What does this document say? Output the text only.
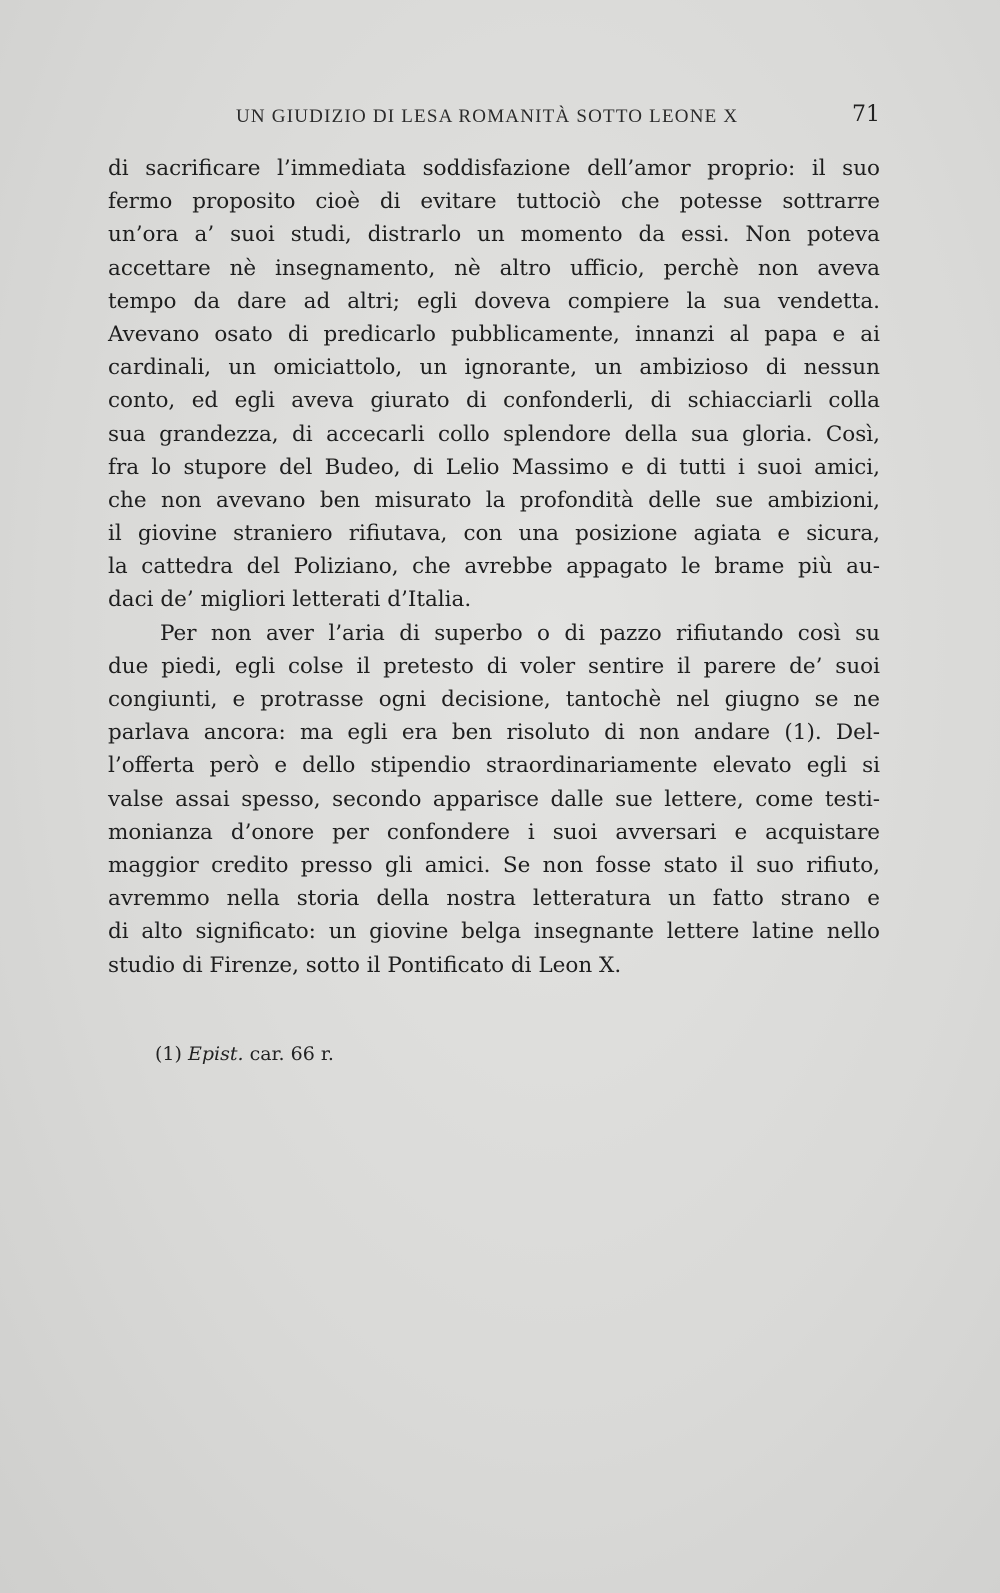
UN GIUDIZIO DI LESA ROMANITÀ SOTTO LEONE X	71
di sacrificare l’immediata soddisfazione dell’amor proprio: il suo
fermo proposito cioè di evitare tuttociò che potesse sottrarre
un’ora a’ suoi studi, distrarlo un momento da essi. Non poteva
accettare nè insegnamento, nè altro ufficio, perchè non aveva
tempo da dare ad altri; egli doveva compiere la sua vendetta.
Avevano osato di predicarlo pubblicamente, innanzi al papa e ai
cardinali, un omiciattolo, un ignorante, un ambizioso di nessun
conto, ed egli aveva giurato di confonderli, di schiacciarli colla
sua grandezza, di accecarli collo splendore della sua gloria. Così,
fra lo stupore del Budeo, di Lelio Massimo e di tutti i suoi amici,
che non avevano ben misurato la profondità delle sue ambizioni,
il giovine straniero rifiutava, con una posizione agiata e sicura,
la cattedra del Poliziano, che avrebbe appagato le brame più au-
daci de’ migliori letterati d’Italia.
Per non aver l’aria di superbo o di pazzo rifiutando così su
due piedi, egli colse il pretesto di voler sentire il parere de’ suoi
congiunti, e protrasse ogni decisione, tantochè nel giugno se ne
parlava ancora: ma egli era ben risoluto di non andare (1). Del-
l’offerta però e dello stipendio straordinariamente elevato egli si
valse assai spesso, secondo apparisce dalle sue lettere, come testi-
monianza d’onore per confondere i suoi avversari e acquistare
maggior credito presso gli amici. Se non fosse stato il suo rifiuto,
avremmo nella storia della nostra letteratura un fatto strano e
di alto significato: un giovine belga insegnante lettere latine nello
studio di Firenze, sotto il Pontificato di Leon X.
(1) Epist. car. 66 r.
